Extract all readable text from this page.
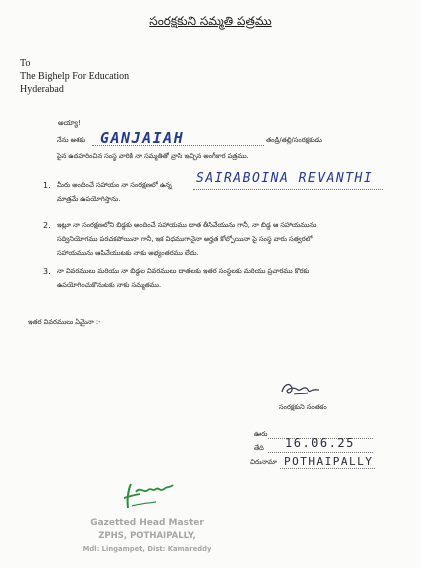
సంరక్షకుని సమ్మతి పత్రము
To
The Bighelp For Education
Hyderabad
అయ్యా!
నేను ఆశకు GANJAIAH	తండ్రి/తల్లి/సంరక్షకుడు
పైన ఉదహరించిన సంస్థ వారికి నా సమ్మతితో వ్రాసి ఇచ్చిన అంగీకార పత్రము.
1. మీరు అందించే సహాయం నా సంరక్షణలో ఉన్న SAIRABOINA REVANTHI
మాత్రమే ఉపయోగిస్తాను.
2. ఇట్లూ నా సంరక్షణలోని బిడ్డకు అందించే సహాయము దాత తీసివేయును గానీ, నా బిడ్డ ఆ సహాయమును
సద్వినియోగము పరచకపోయినా గానీ, ఇక విధముగానైనా అర్హత కోల్పోయినా పై సంస్థ వారు సత్వరలో
సహాయమును ఆపివేయుటకు నాకు అభ్యంతరము లేదు.
3. నా వివరములు మరియు నా బిడ్డల వివరములు దాతలకు ఇతర సంస్థలకు మరియు ప్రచారము కొరకు
ఉపయోగించుకొనుటకు నాకు సమ్మతము.
ఇతర వివరములు ఏమైనా :-
సంరక్షకుని సంతకం
ఊరు
తేది 16.06.25
చిరునామా POTHAIPALLY
Gazetted Head Master
ZPHS, POTHAIPALLY,
Mdl: Lingampet, Dist: Kamareddy
